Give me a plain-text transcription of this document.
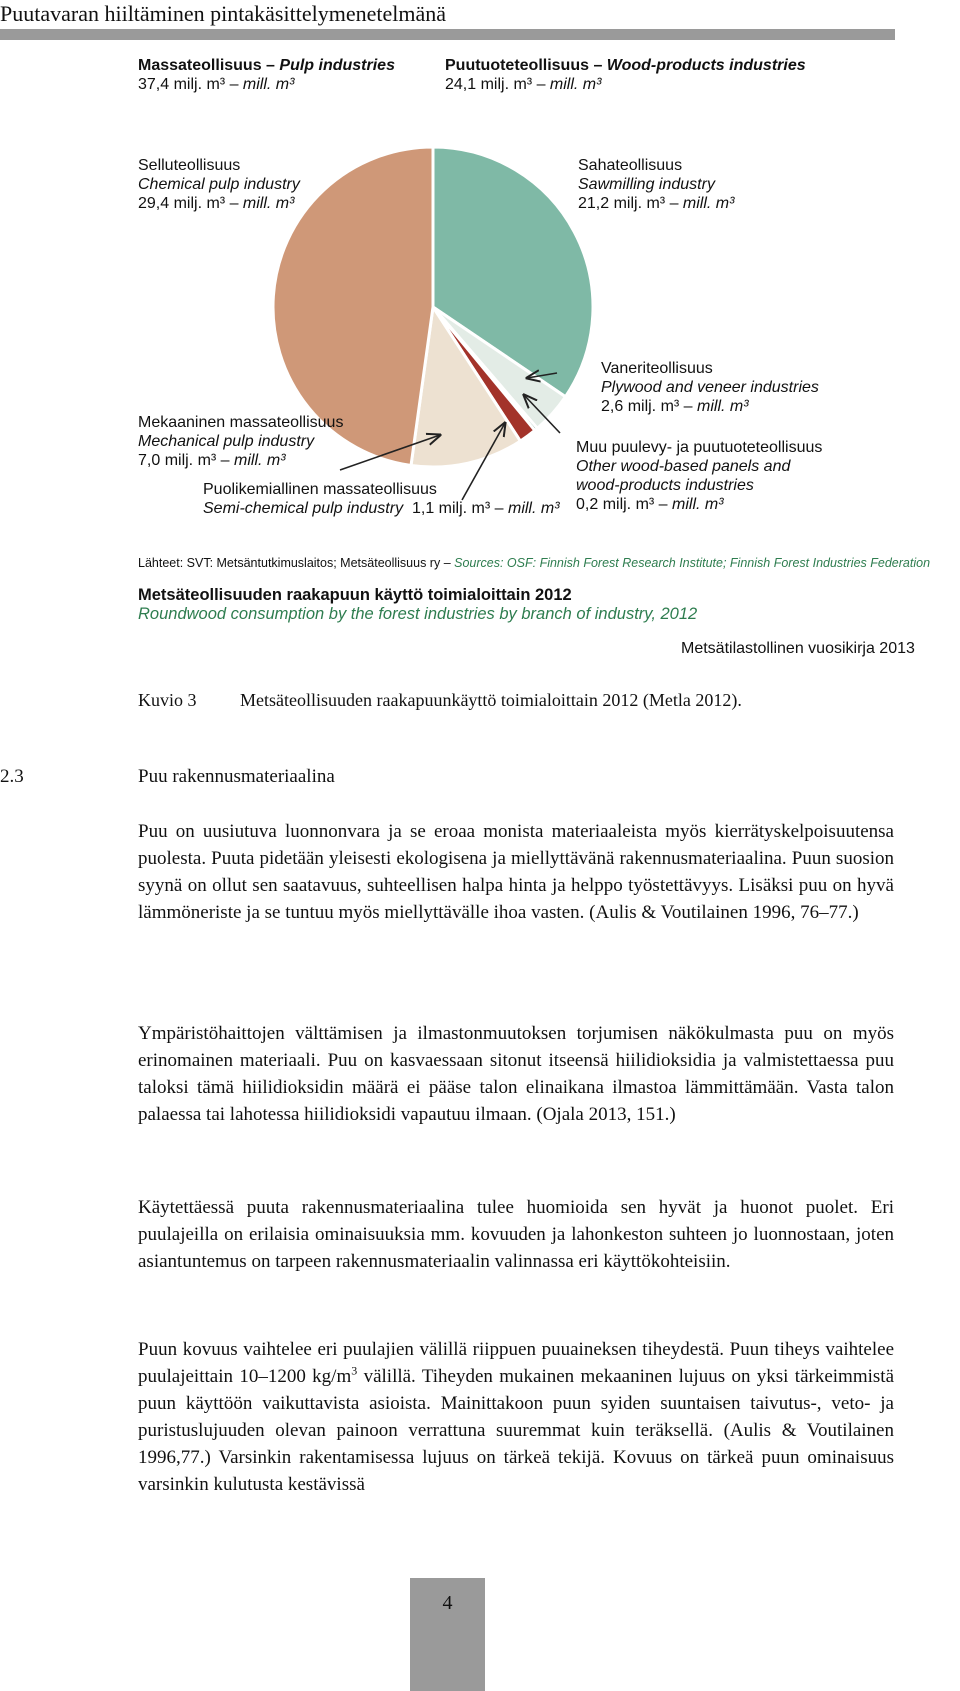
Puutavaran hiiltäminen pintakäsittelymenetelmänä
Massateollisuus – Pulp industries
37,4 milj. m³ – mill. m³
Puutuoteteollisuus – Wood-products industries
24,1 milj. m³ – mill. m³
Selluteollisuus
Chemical pulp industry
29,4 milj. m³ – mill. m³
Sahateollisuus
Sawmilling industry
21,2 milj. m³ – mill. m³
Vaneriteollisuus
Plywood and veneer industries
2,6 milj. m³ – mill. m³
Mekaaninen massateollisuus
Mechanical pulp industry
7,0 milj. m³ – mill. m³
Muu puulevy- ja puutuoteteollisuus
Other wood-based panels and
wood-products industries
0,2 milj. m³ – mill. m³
Puolikemiallinen massateollisuus
Semi-chemical pulp industry 1,1 milj. m³ – mill. m³
Lähteet: SVT: Metsäntutkimuslaitos; Metsäteollisuus ry – Sources: OSF: Finnish Forest Research Institute; Finnish Forest Industries Federation
Metsäteollisuuden raakapuun käyttö toimialoittain 2012
Roundwood consumption by the forest industries by branch of industry, 2012
Metsätilastollinen vuosikirja 2013
Kuvio 3 Metsäteollisuuden raakapuunkäyttö toimialoittain 2012 (Metla 2012).
2.3	Puu rakennusmateriaalina

Puu on uusiutuva luonnonvara ja se eroaa monista materiaaleista myös kierrätyskelpoisuutensa puolesta. Puuta pidetään yleisesti ekologisena ja miellyttävänä rakennusmateriaalina. Puun suosion syynä on ollut sen saatavuus, suhteellisen halpa hinta ja helppo työstettävyys. Lisäksi puu on hyvä lämmöneriste ja se tuntuu myös miellyttävälle ihoa vasten. (Aulis & Voutilainen 1996, 76–77.)

Ympäristöhaittojen välttämisen ja ilmastonmuutoksen torjumisen näkökulmasta puu on myös erinomainen materiaali. Puu on kasvaessaan sitonut itseensä hiilidioksidia ja valmistettaessa puu taloksi tämä hiilidioksidin määrä ei pääse talon elinaikana ilmastoa lämmittämään. Vasta talon palaessa tai lahotessa hiilidioksidi vapautuu ilmaan. (Ojala 2013, 151.)

Käytettäessä puuta rakennusmateriaalina tulee huomioida sen hyvät ja huonot puolet. Eri puulajeilla on erilaisia ominaisuuksia mm. kovuuden ja lahonkeston suhteen jo luonnostaan, joten asiantuntemus on tarpeen rakennusmateriaalin valinnassa eri käyttökohteisiin.

Puun kovuus vaihtelee eri puulajien välillä riippuen puuaineksen tiheydestä. Puun tiheys vaihtelee puulajeittain 10–1200 $kg/m^3$ välillä. Tiheyden mukainen mekaaninen lujuus on yksi tärkeimmistä puun käyttöön vaikuttavista asioista. Mainittakoon puun syiden suuntaisen taivutus-, veto- ja puristuslujuuden olevan painoon verrattuna suuremmat kuin teräksellä. (Aulis & Voutilainen 1996,77.) Varsinkin rakentamisessa lujuus on tärkeä tekijä. Kovuus on tärkeä puun ominaisuus varsinkin kulutusta kestävissä

4
